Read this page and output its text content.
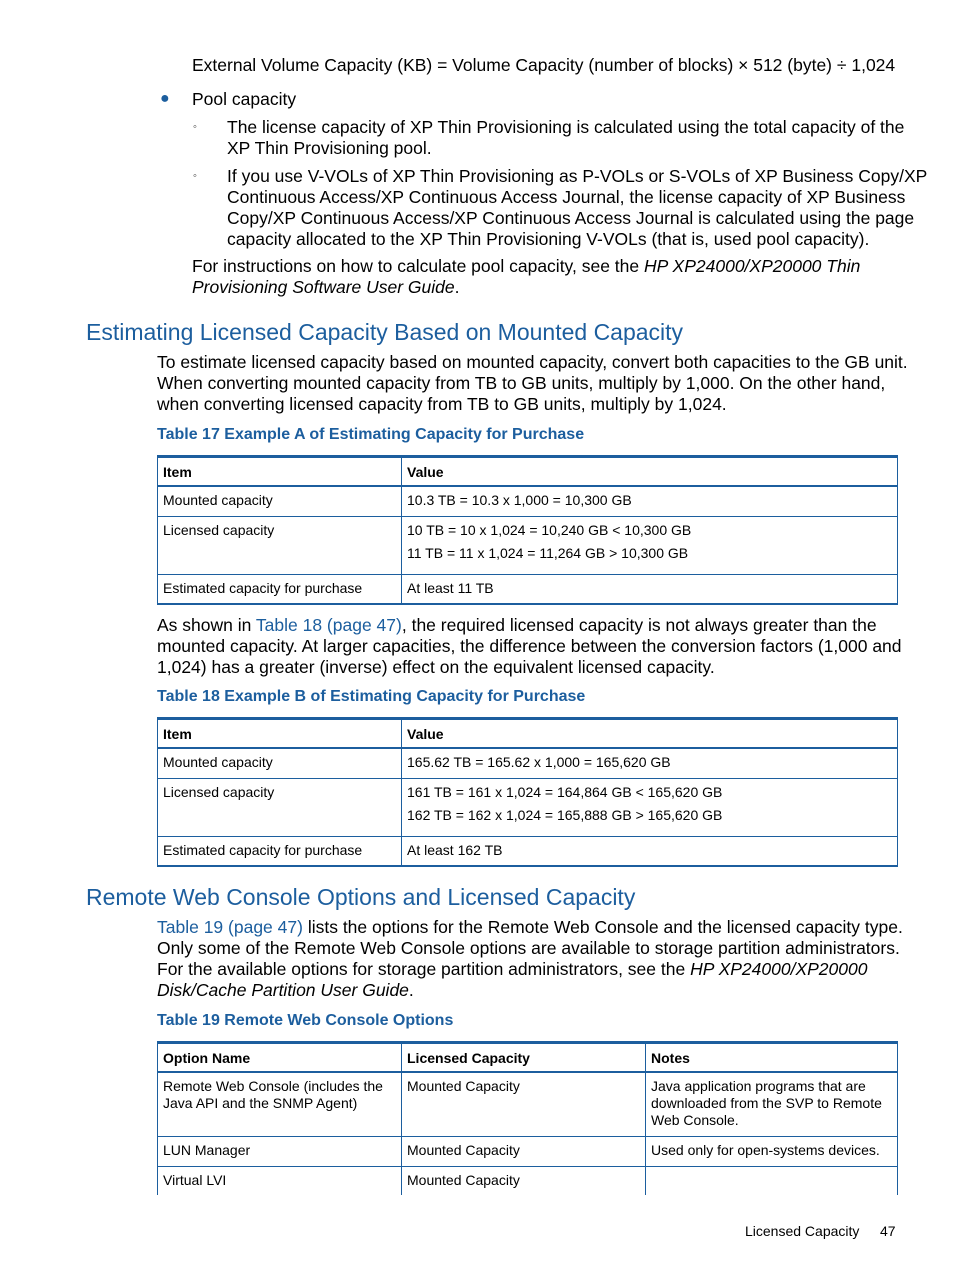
External Volume Capacity (KB) = Volume Capacity (number of blocks) × 512 (byte) ÷ 1,024
● Pool capacity
◦ The license capacity of XP Thin Provisioning is calculated using the total capacity of the
XP Thin Provisioning pool.
◦ If you use V-VOLs of XP Thin Provisioning as P-VOLs or S-VOLs of XP Business Copy/XP
Continuous Access/XP Continuous Access Journal, the license capacity of XP Business
Copy/XP Continuous Access/XP Continuous Access Journal is calculated using the page
capacity allocated to the XP Thin Provisioning V-VOLs (that is, used pool capacity).
For instructions on how to calculate pool capacity, see the HP XP24000/XP20000 Thin
Provisioning Software User Guide.
Estimating Licensed Capacity Based on Mounted Capacity
To estimate licensed capacity based on mounted capacity, convert both capacities to the GB unit.
When converting mounted capacity from TB to GB units, multiply by 1,000. On the other hand,
when converting licensed capacity from TB to GB units, multiply by 1,024.
Table 17 Example A of Estimating Capacity for Purchase
Item	Value
Mounted capacity	10.3 TB = 10.3 x 1,000 = 10,300 GB
Licensed capacity	10 TB = 10 x 1,024 = 10,240 GB < 10,300 GB
11 TB = 11 x 1,024 = 11,264 GB > 10,300 GB

Estimated capacity for purchase	At least 11 TB
As shown in Table 18 (page 47), the required licensed capacity is not always greater than the
mounted capacity. At larger capacities, the difference between the conversion factors (1,000 and
1,024) has a greater (inverse) effect on the equivalent licensed capacity.
Table 18 Example B of Estimating Capacity for Purchase
Item	Value
Mounted capacity	165.62 TB = 165.62 x 1,000 = 165,620 GB
Licensed capacity	161 TB = 161 x 1,024 = 164,864 GB < 165,620 GB
162 TB = 162 x 1,024 = 165,888 GB > 165,620 GB

Estimated capacity for purchase	At least 162 TB
Remote Web Console Options and Licensed Capacity
Table 19 (page 47) lists the options for the Remote Web Console and the licensed capacity type.
Only some of the Remote Web Console options are available to storage partition administrators.
For the available options for storage partition administrators, see the HP XP24000/XP20000
Disk/Cache Partition User Guide.
Table 19 Remote Web Console Options
Option Name	Licensed Capacity	Notes
Remote Web Console (includes the Java API and the SNMP Agent)	Mounted Capacity	Java application programs that are downloaded from the SVP to Remote Web Console.
LUN Manager	Mounted Capacity	Used only for open-systems devices.
Virtual LVI	Mounted Capacity	
Licensed Capacity 47
